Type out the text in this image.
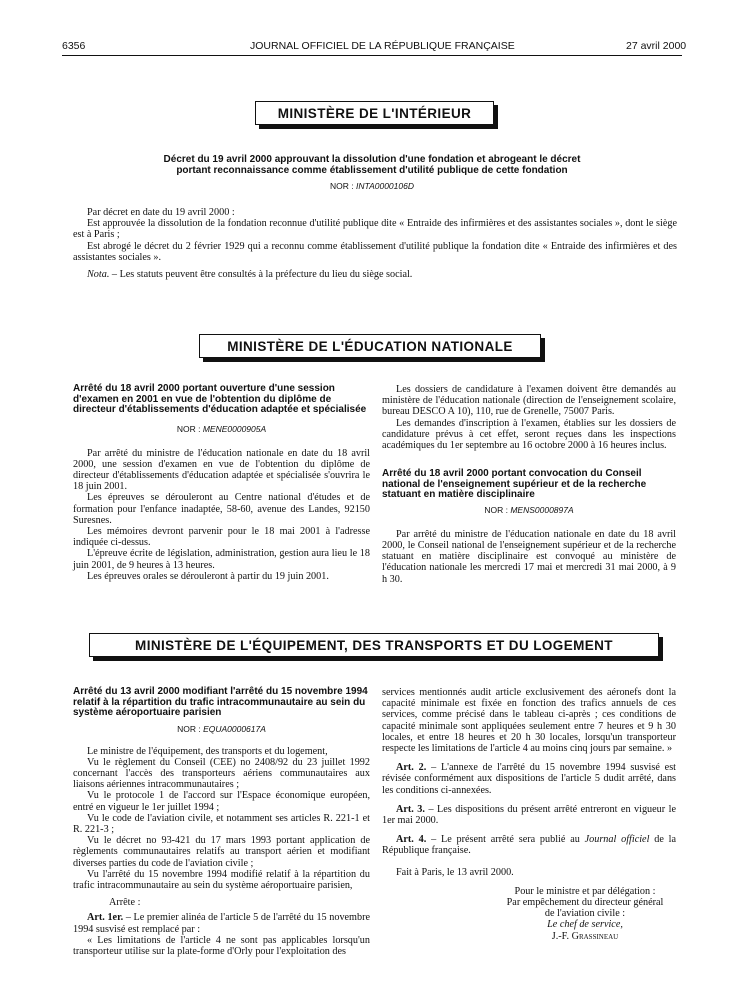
6356	JOURNAL OFFICIEL DE LA RÉPUBLIQUE FRANÇAISE	27 avril 2000
MINISTÈRE DE L'INTÉRIEUR
Décret du 19 avril 2000 approuvant la dissolution d'une fondation et abrogeant le décret
portant reconnaissance comme établissement d'utilité publique de cette fondation
NOR : INTA0000106D

Par décret en date du 19 avril 2000 :

Est approuvée la dissolution de la fondation reconnue d'utilité publique dite « Entraide des infirmières et des assistantes sociales », dont le siège est à Paris ;

Est abrogé le décret du 2 février 1929 qui a reconnu comme établissement d'utilité publique la fondation dite « Entraide des infirmières et des assistantes sociales ».

Nota. – Les statuts peuvent être consultés à la préfecture du lieu du siège social.

MINISTÈRE DE L'ÉDUCATION NATIONALE
Arrêté du 18 avril 2000 portant ouverture d'une session d'examen en 2001 en vue de l'obtention du diplôme de directeur d'établissements d'éducation adaptée et spécialisée
NOR : MENE0000905A

Par arrêté du ministre de l'éducation nationale en date du 18 avril 2000, une session d'examen en vue de l'obtention du diplôme de directeur d'établissements d'éducation adaptée et spécialisée s'ouvrira le 18 juin 2001.

Les épreuves se dérouleront au Centre national d'études et de formation pour l'enfance inadaptée, 58-60, avenue des Landes, 92150 Suresnes.

Les mémoires devront parvenir pour le 18 mai 2001 à l'adresse indiquée ci-dessus.

L'épreuve écrite de législation, administration, gestion aura lieu le 18 juin 2001, de 9 heures à 13 heures.

Les épreuves orales se dérouleront à partir du 19 juin 2001.

Les dossiers de candidature à l'examen doivent être demandés au ministère de l'éducation nationale (direction de l'enseignement scolaire, bureau DESCO A 10), 110, rue de Grenelle, 75007 Paris.

Les demandes d'inscription à l'examen, établies sur les dossiers de candidature prévus à cet effet, seront reçues dans les inspections académiques du 1er septembre au 16 octobre 2000 à 16 heures inclus.

Arrêté du 18 avril 2000 portant convocation du Conseil national de l'enseignement supérieur et de la recherche statuant en matière disciplinaire
NOR : MENS0000897A

Par arrêté du ministre de l'éducation nationale en date du 18 avril 2000, le Conseil national de l'enseignement supérieur et de la recherche statuant en matière disciplinaire est convoqué au ministère de l'éducation nationale les mercredi 17 mai et mercredi 31 mai 2000, à 9 h 30.

MINISTÈRE DE L'ÉQUIPEMENT, DES TRANSPORTS ET DU LOGEMENT
Arrêté du 13 avril 2000 modifiant l'arrêté du 15 novembre 1994 relatif à la répartition du trafic intracommunautaire au sein du système aéroportuaire parisien
NOR : EQUA0000617A

Le ministre de l'équipement, des transports et du logement,

Vu le règlement du Conseil (CEE) no 2408/92 du 23 juillet 1992 concernant l'accès des transporteurs aériens communautaires aux liaisons aériennes intracommunautaires ;

Vu le protocole 1 de l'accord sur l'Espace économique européen, entré en vigueur le 1er juillet 1994 ;

Vu le code de l'aviation civile, et notamment ses articles R. 221-1 et R. 221-3 ;

Vu le décret no 93-421 du 17 mars 1993 portant application de règlements communautaires relatifs au transport aérien et modifiant diverses parties du code de l'aviation civile ;

Vu l'arrêté du 15 novembre 1994 modifié relatif à la répartition du trafic intracommunautaire au sein du système aéroportuaire parisien,

Arrête :

Art. 1er. – Le premier alinéa de l'article 5 de l'arrêté du 15 novembre 1994 susvisé est remplacé par :

« Les limitations de l'article 4 ne sont pas applicables lorsqu'un transporteur utilise sur la plate-forme d'Orly pour l'exploitation des

services mentionnés audit article exclusivement des aéronefs dont la capacité minimale est fixée en fonction des trafics annuels de ces services, comme précisé dans le tableau ci-après ; ces conditions de capacité minimale sont appliquées seulement entre 7 heures et 9 h 30 locales, et entre 18 heures et 20 h 30 locales, lorsqu'un transporteur respecte les limitations de l'article 4 au moins cinq jours par semaine. »

Art. 2. – L'annexe de l'arrêté du 15 novembre 1994 susvisé est révisée conformément aux dispositions de l'article 5 dudit arrêté, dans les conditions ci-annexées.

Art. 3. – Les dispositions du présent arrêté entreront en vigueur le 1er mai 2000.

Art. 4. – Le présent arrêté sera publié au Journal officiel de la République française.

Fait à Paris, le 13 avril 2000.

Pour le ministre et par délégation :
Par empêchement du directeur général
de l'aviation civile :
Le chef de service,
J.-F. Grassineau
